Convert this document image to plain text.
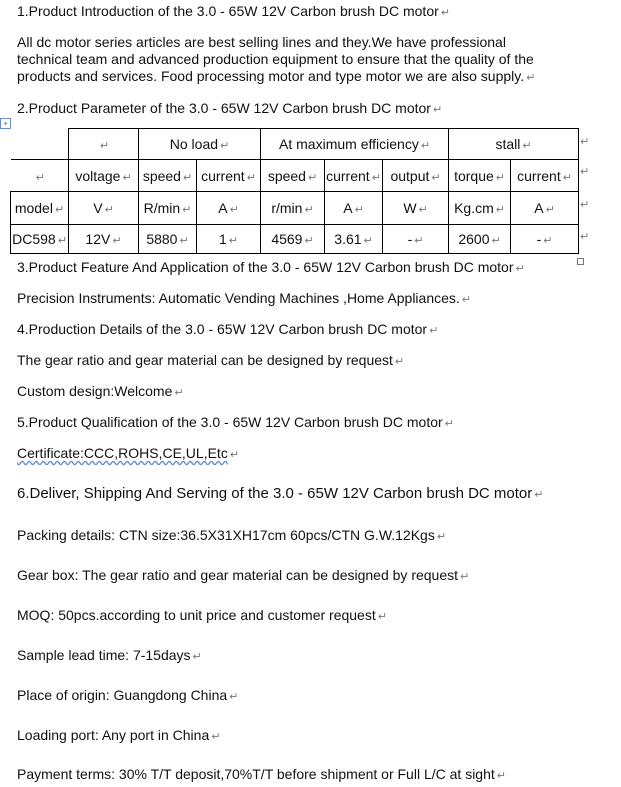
1.Product Introduction of the 3.0 - 65W 12V Carbon brush DC motor ↵
All dc motor series articles are best selling lines and they.We have professional
technical team and advanced production equipment to ensure that the quality of the
products and services. Food processing motor and type motor we are also supply. ↵
2.Product Parameter of the 3.0 - 65W 12V Carbon brush DC motor ↵
+
	↵	No load ↵		At maximum efficiency ↵			stall ↵	
↵	voltage ↵	speed ↵	current ↵	speed ↵	current ↵	output ↵	torque ↵	current ↵
model ↵	V ↵	R/min ↵	A ↵	r/min ↵	A ↵	W ↵	Kg.cm ↵	A ↵
DC598 ↵	12V ↵	5880 ↵	1 ↵	4569 ↵	3.61 ↵	- ↵	2600 ↵	- ↵
↵
↵
↵
↵
3.Product Feature And Application of the 3.0 - 65W 12V Carbon brush DC motor ↵
Precision Instruments: Automatic Vending Machines ,Home Appliances. ↵
4.Production Details of the 3.0 - 65W 12V Carbon brush DC motor ↵
The gear ratio and gear material can be designed by request ↵
Custom design:Welcome ↵
5.Product Qualification of the 3.0 - 65W 12V Carbon brush DC motor ↵
Certificate:CCC,ROHS,CE,UL,Etc ↵
6.Deliver, Shipping And Serving of the 3.0 - 65W 12V Carbon brush DC motor ↵
Packing details: CTN size:36.5X31XH17cm 60pcs/CTN G.W.12Kgs ↵
Gear box: The gear ratio and gear material can be designed by request ↵
MOQ: 50pcs.according to unit price and customer request ↵
Sample lead time: 7-15days ↵
Place of origin: Guangdong China ↵
Loading port: Any port in China ↵
Payment terms: 30% T/T deposit,70%T/T before shipment or Full L/C at sight ↵
